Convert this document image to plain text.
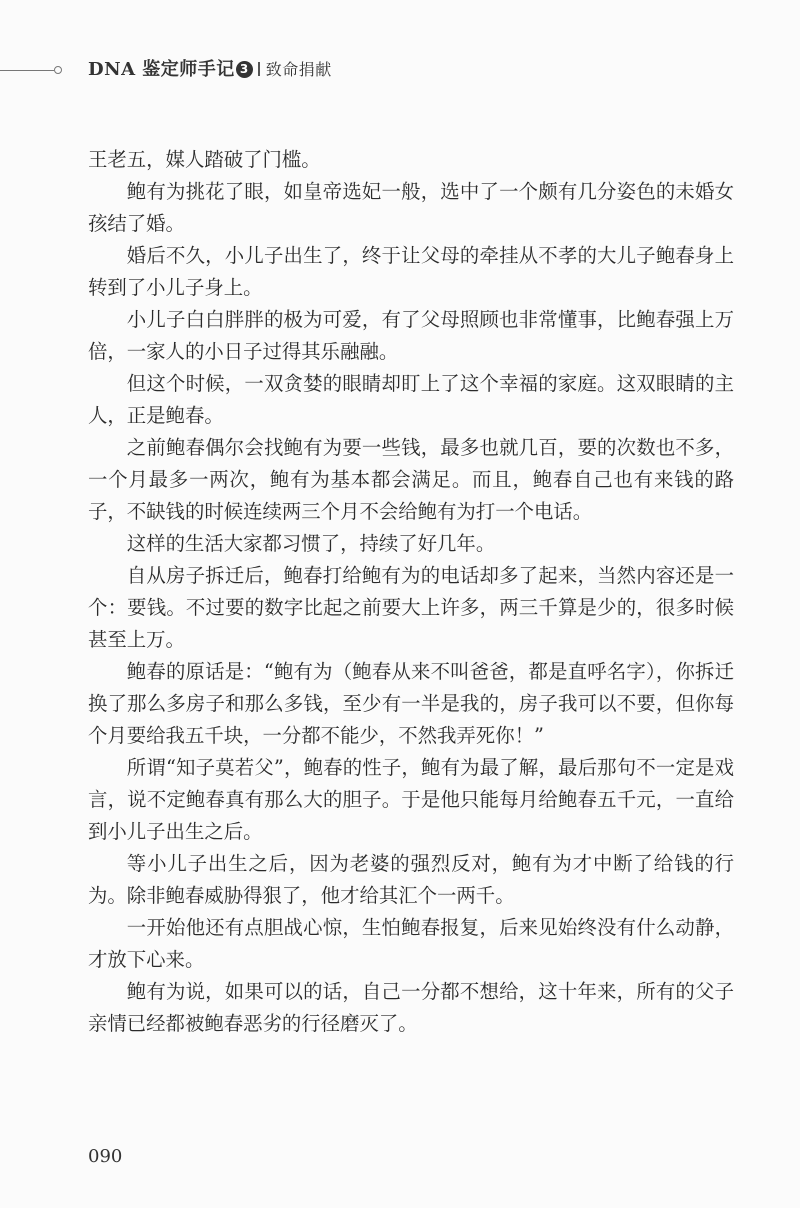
DNA 鉴定师手记 3 致命捐献

王老五，媒人踏破了门槛。

鲍有为挑花了眼，如皇帝选妃一般，选中了一个颇有几分姿色的未婚女孩结了婚。

婚后不久，小儿子出生了，终于让父母的牵挂从不孝的大儿子鲍春身上转到了小儿子身上。

小儿子白白胖胖的极为可爱，有了父母照顾也非常懂事，比鲍春强上万倍，一家人的小日子过得其乐融融。

但这个时候，一双贪婪的眼睛却盯上了这个幸福的家庭。这双眼睛的主人，正是鲍春。

之前鲍春偶尔会找鲍有为要一些钱，最多也就几百，要的次数也不多，一个月最多一两次，鲍有为基本都会满足。而且，鲍春自己也有来钱的路子，不缺钱的时候连续两三个月不会给鲍有为打一个电话。

这样的生活大家都习惯了，持续了好几年。

自从房子拆迁后，鲍春打给鲍有为的电话却多了起来，当然内容还是一个：要钱。不过要的数字比起之前要大上许多，两三千算是少的，很多时候甚至上万。

鲍春的原话是：“鲍有为（鲍春从来不叫爸爸，都是直呼名字），你拆迁换了那么多房子和那么多钱，至少有一半是我的，房子我可以不要，但你每个月要给我五千块，一分都不能少，不然我弄死你！”

所谓“知子莫若父”，鲍春的性子，鲍有为最了解，最后那句不一定是戏言，说不定鲍春真有那么大的胆子。于是他只能每月给鲍春五千元，一直给到小儿子出生之后。

等小儿子出生之后，因为老婆的强烈反对，鲍有为才中断了给钱的行为。除非鲍春威胁得狠了，他才给其汇个一两千。

一开始他还有点胆战心惊，生怕鲍春报复，后来见始终没有什么动静，才放下心来。

鲍有为说，如果可以的话，自己一分都不想给，这十年来，所有的父子亲情已经都被鲍春恶劣的行径磨灭了。

090
